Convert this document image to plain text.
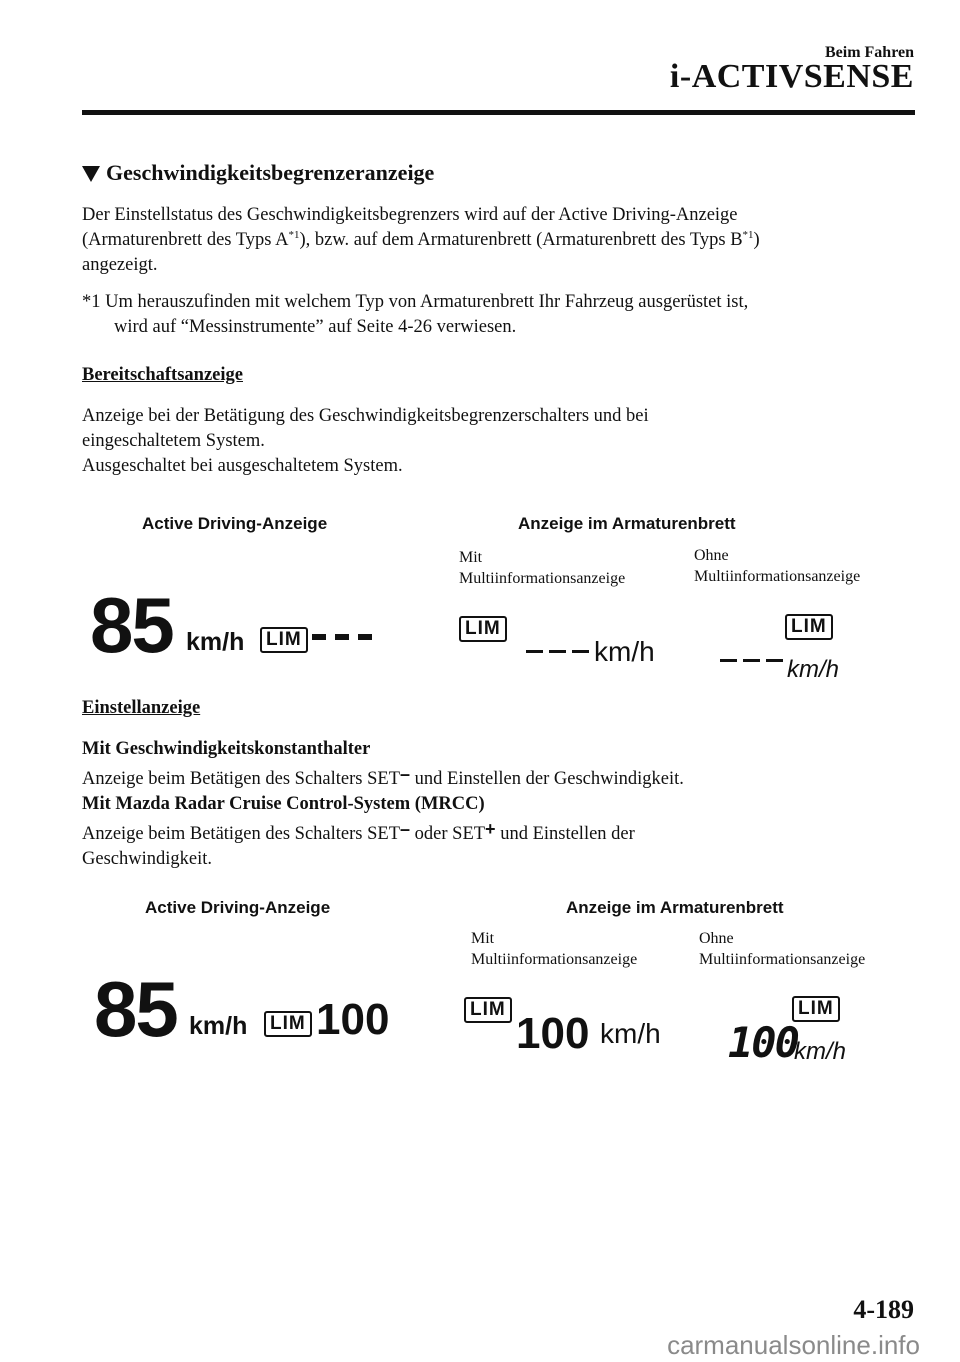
Beim Fahren
i-ACTIVSENSE
Geschwindigkeitsbegrenzeranzeige
Der Einstellstatus des Geschwindigkeitsbegrenzers wird auf der Active Driving-Anzeige
(Armaturenbrett des Typs $A^{*1}$), bzw. auf dem Armaturenbrett (Armaturenbrett des Typs $B^{*1}$)
angezeigt.
*1 Um herauszufinden mit welchem Typ von Armaturenbrett Ihr Fahrzeug ausgerüstet ist,
wird auf “Messinstrumente” auf Seite 4-26 verwiesen.
Bereitschaftsanzeige
Anzeige bei der Betätigung des Geschwindigkeitsbegrenzerschalters und bei
eingeschaltetem System.
Ausgeschaltet bei ausgeschaltetem System.
Active Driving-Anzeige	Anzeige im Armaturenbrett
Mit
Multiinformationsanzeige
Ohne
Multiinformationsanzeige
85 km/h	LIM
LIM
km/h
LIM
km/h
Einstellanzeige
Mit Geschwindigkeitskonstanthalter
Anzeige beim Betätigen des Schalters SET– und Einstellen der Geschwindigkeit.
Mit Mazda Radar Cruise Control-System (MRCC)
Anzeige beim Betätigen des Schalters SET– oder SET+ und Einstellen der
Geschwindigkeit.
Active Driving-Anzeige	Anzeige im Armaturenbrett
Mit
Multiinformationsanzeige
Ohne
Multiinformationsanzeige
85 km/h	LIM 100	LIM 100 km/h
LIM
100
km/h
4-189
carmanualsonline.info
